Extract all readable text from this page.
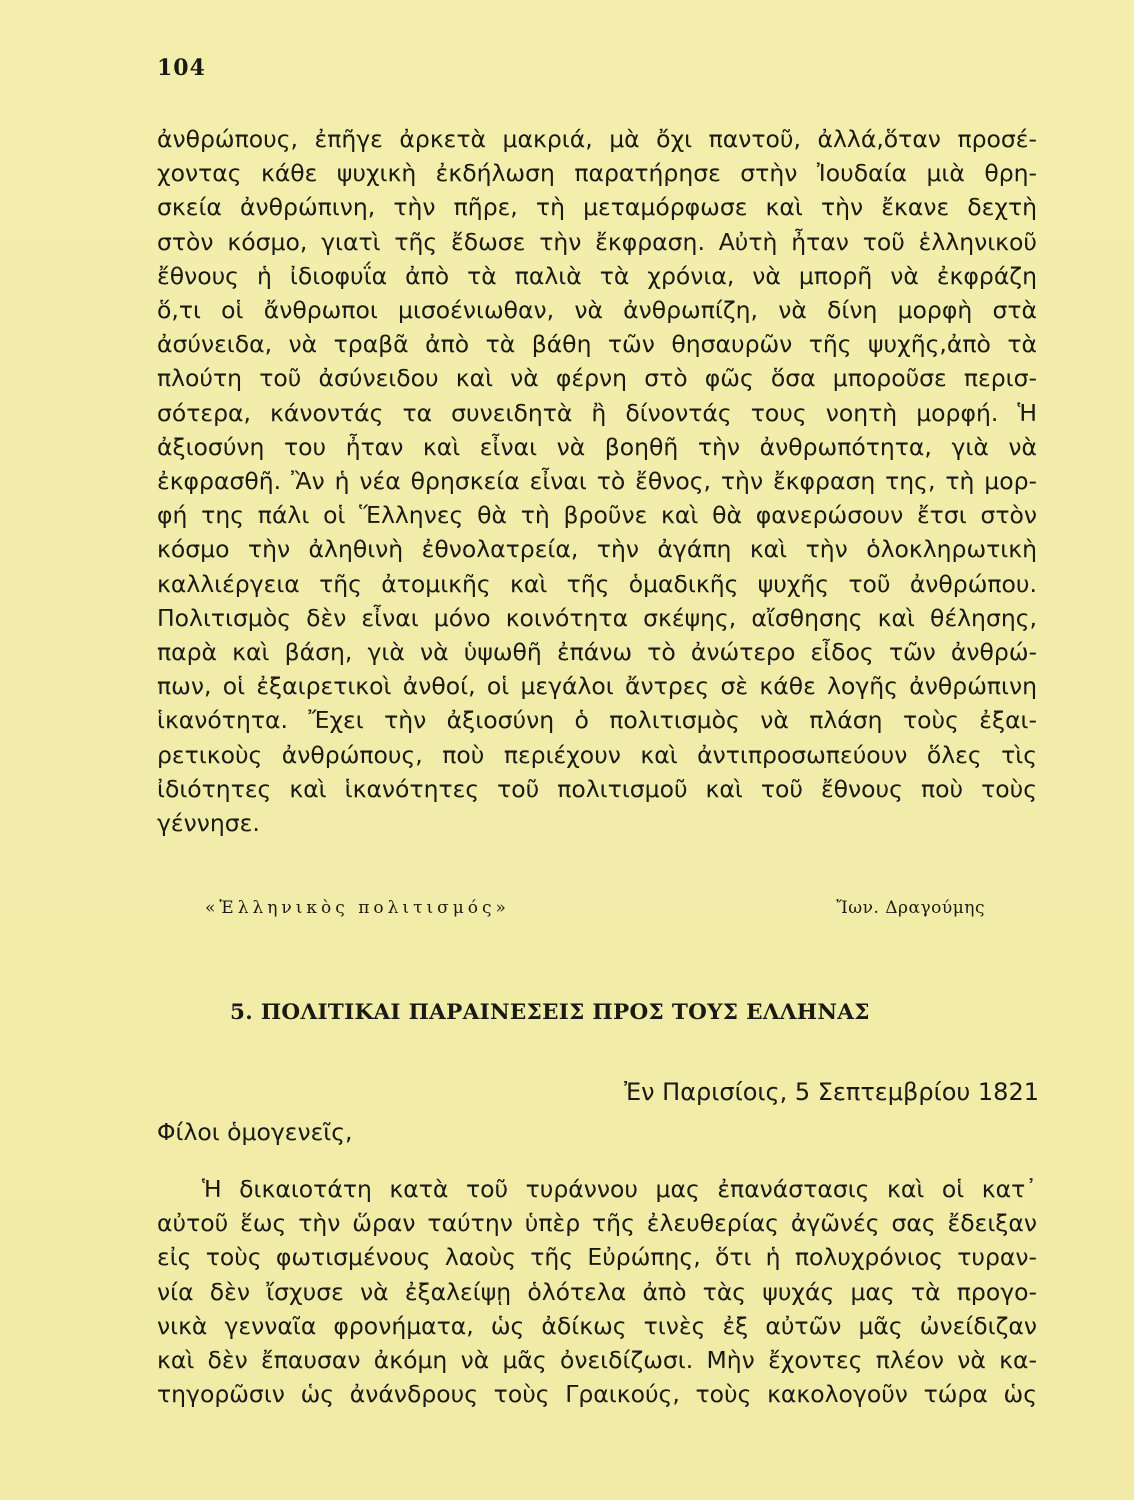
104
ἀνθρώπους, ἐπῆγε ἀρκετὰ μακριά, μὰ ὄχι παντοῦ, ἀλλά,ὅταν προσέ-
χοντας κάθε ψυχικὴ ἐκδήλωση παρατήρησε στὴν Ἰουδαία μιὰ θρη-
σκεία ἀνθρώπινη, τὴν πῆρε, τὴ μεταμόρφωσε καὶ τὴν ἔκανε δεχτὴ
στὸν κόσμο, γιατὶ τῆς ἔδωσε τὴν ἔκφραση. Αὐτὴ ἦταν τοῦ ἑλληνικοῦ
ἔθνους ἡ ἰδιοφυΐα ἀπὸ τὰ παλιὰ τὰ χρόνια, νὰ μπορῆ νὰ ἐκφράζη
ὅ,τι οἱ ἄνθρωποι μισοένιωθαν, νὰ ἀνθρωπίζη, νὰ δίνη μορφὴ στὰ
ἀσύνειδα, νὰ τραβᾶ ἀπὸ τὰ βάθη τῶν θησαυρῶν τῆς ψυχῆς,ἀπὸ τὰ
πλούτη τοῦ ἀσύνειδου καὶ νὰ φέρνη στὸ φῶς ὅσα μποροῦσε περισ-
σότερα, κάνοντάς τα συνειδητὰ ἢ δίνοντάς τους νοητὴ μορφή. Ἡ
ἀξιοσύνη του ἦταν καὶ εἶναι νὰ βοηθῆ τὴν ἀνθρωπότητα, γιὰ νὰ
ἐκφρασθῆ. Ἂν ἡ νέα θρησκεία εἶναι τὸ ἔθνος, τὴν ἔκφραση της, τὴ μορ-
φή της πάλι οἱ Ἕλληνες θὰ τὴ βροῦνε καὶ θὰ φανερώσουν ἔτσι στὸν
κόσμο τὴν ἀληθινὴ ἐθνολατρεία, τὴν ἀγάπη καὶ τὴν ὁλοκληρωτικὴ
καλλιέργεια τῆς ἀτομικῆς καὶ τῆς ὁμαδικῆς ψυχῆς τοῦ ἀνθρώπου.
Πολιτισμὸς δὲν εἶναι μόνο κοινότητα σκέψης, αἴσθησης καὶ θέλησης,
παρὰ καὶ βάση, γιὰ νὰ ὑψωθῆ ἐπάνω τὸ ἀνώτερο εἶδος τῶν ἀνθρώ-
πων, οἱ ἐξαιρετικοὶ ἀνθοί, οἱ μεγάλοι ἄντρες σὲ κάθε λογῆς ἀνθρώπινη
ἱκανότητα. Ἔχει τὴν ἀξιοσύνη ὁ πολιτισμὸς νὰ πλάση τοὺς ἐξαι-
ρετικοὺς ἀνθρώπους, ποὺ περιέχουν καὶ ἀντιπροσωπεύουν ὅλες τὶς
ἰδιότητες καὶ ἱκανότητες τοῦ πολιτισμοῦ καὶ τοῦ ἔθνους ποὺ τοὺς
γέννησε.
«Ἑλληνικὸς πολιτισμός»	Ἴων. Δραγούμης
5. ΠΟΛΙΤΙΚΑΙ ΠΑΡΑΙΝΕΣΕΙΣ ΠΡΟΣ ΤΟΥΣ ΕΛΛΗΝΑΣ
Ἐν Παρισίοις, 5 Σεπτεμβρίου 1821
Φίλοι ὁμογενεῖς,
Ἡ δικαιοτάτη κατὰ τοῦ τυράννου μας ἐπανάστασις καὶ οἱ κατ᾽
αὐτοῦ ἕως τὴν ὥραν ταύτην ὑπὲρ τῆς ἐλευθερίας ἀγῶνές σας ἔδειξαν
εἰς τοὺς φωτισμένους λαοὺς τῆς Εὐρώπης, ὅτι ἡ πολυχρόνιος τυραν-
νία δὲν ἴσχυσε νὰ ἐξαλείψῃ ὁλότελα ἀπὸ τὰς ψυχάς μας τὰ προγο-
νικὰ γενναῖα φρονήματα, ὡς ἀδίκως τινὲς ἐξ αὐτῶν μᾶς ὠνείδιζαν
καὶ δὲν ἔπαυσαν ἀκόμη νὰ μᾶς ὀνειδίζωσι. Μὴν ἔχοντες πλέον νὰ κα-
τηγορῶσιν ὡς ἀνάνδρους τοὺς Γραικούς, τοὺς κακολογοῦν τώρα ὡς
